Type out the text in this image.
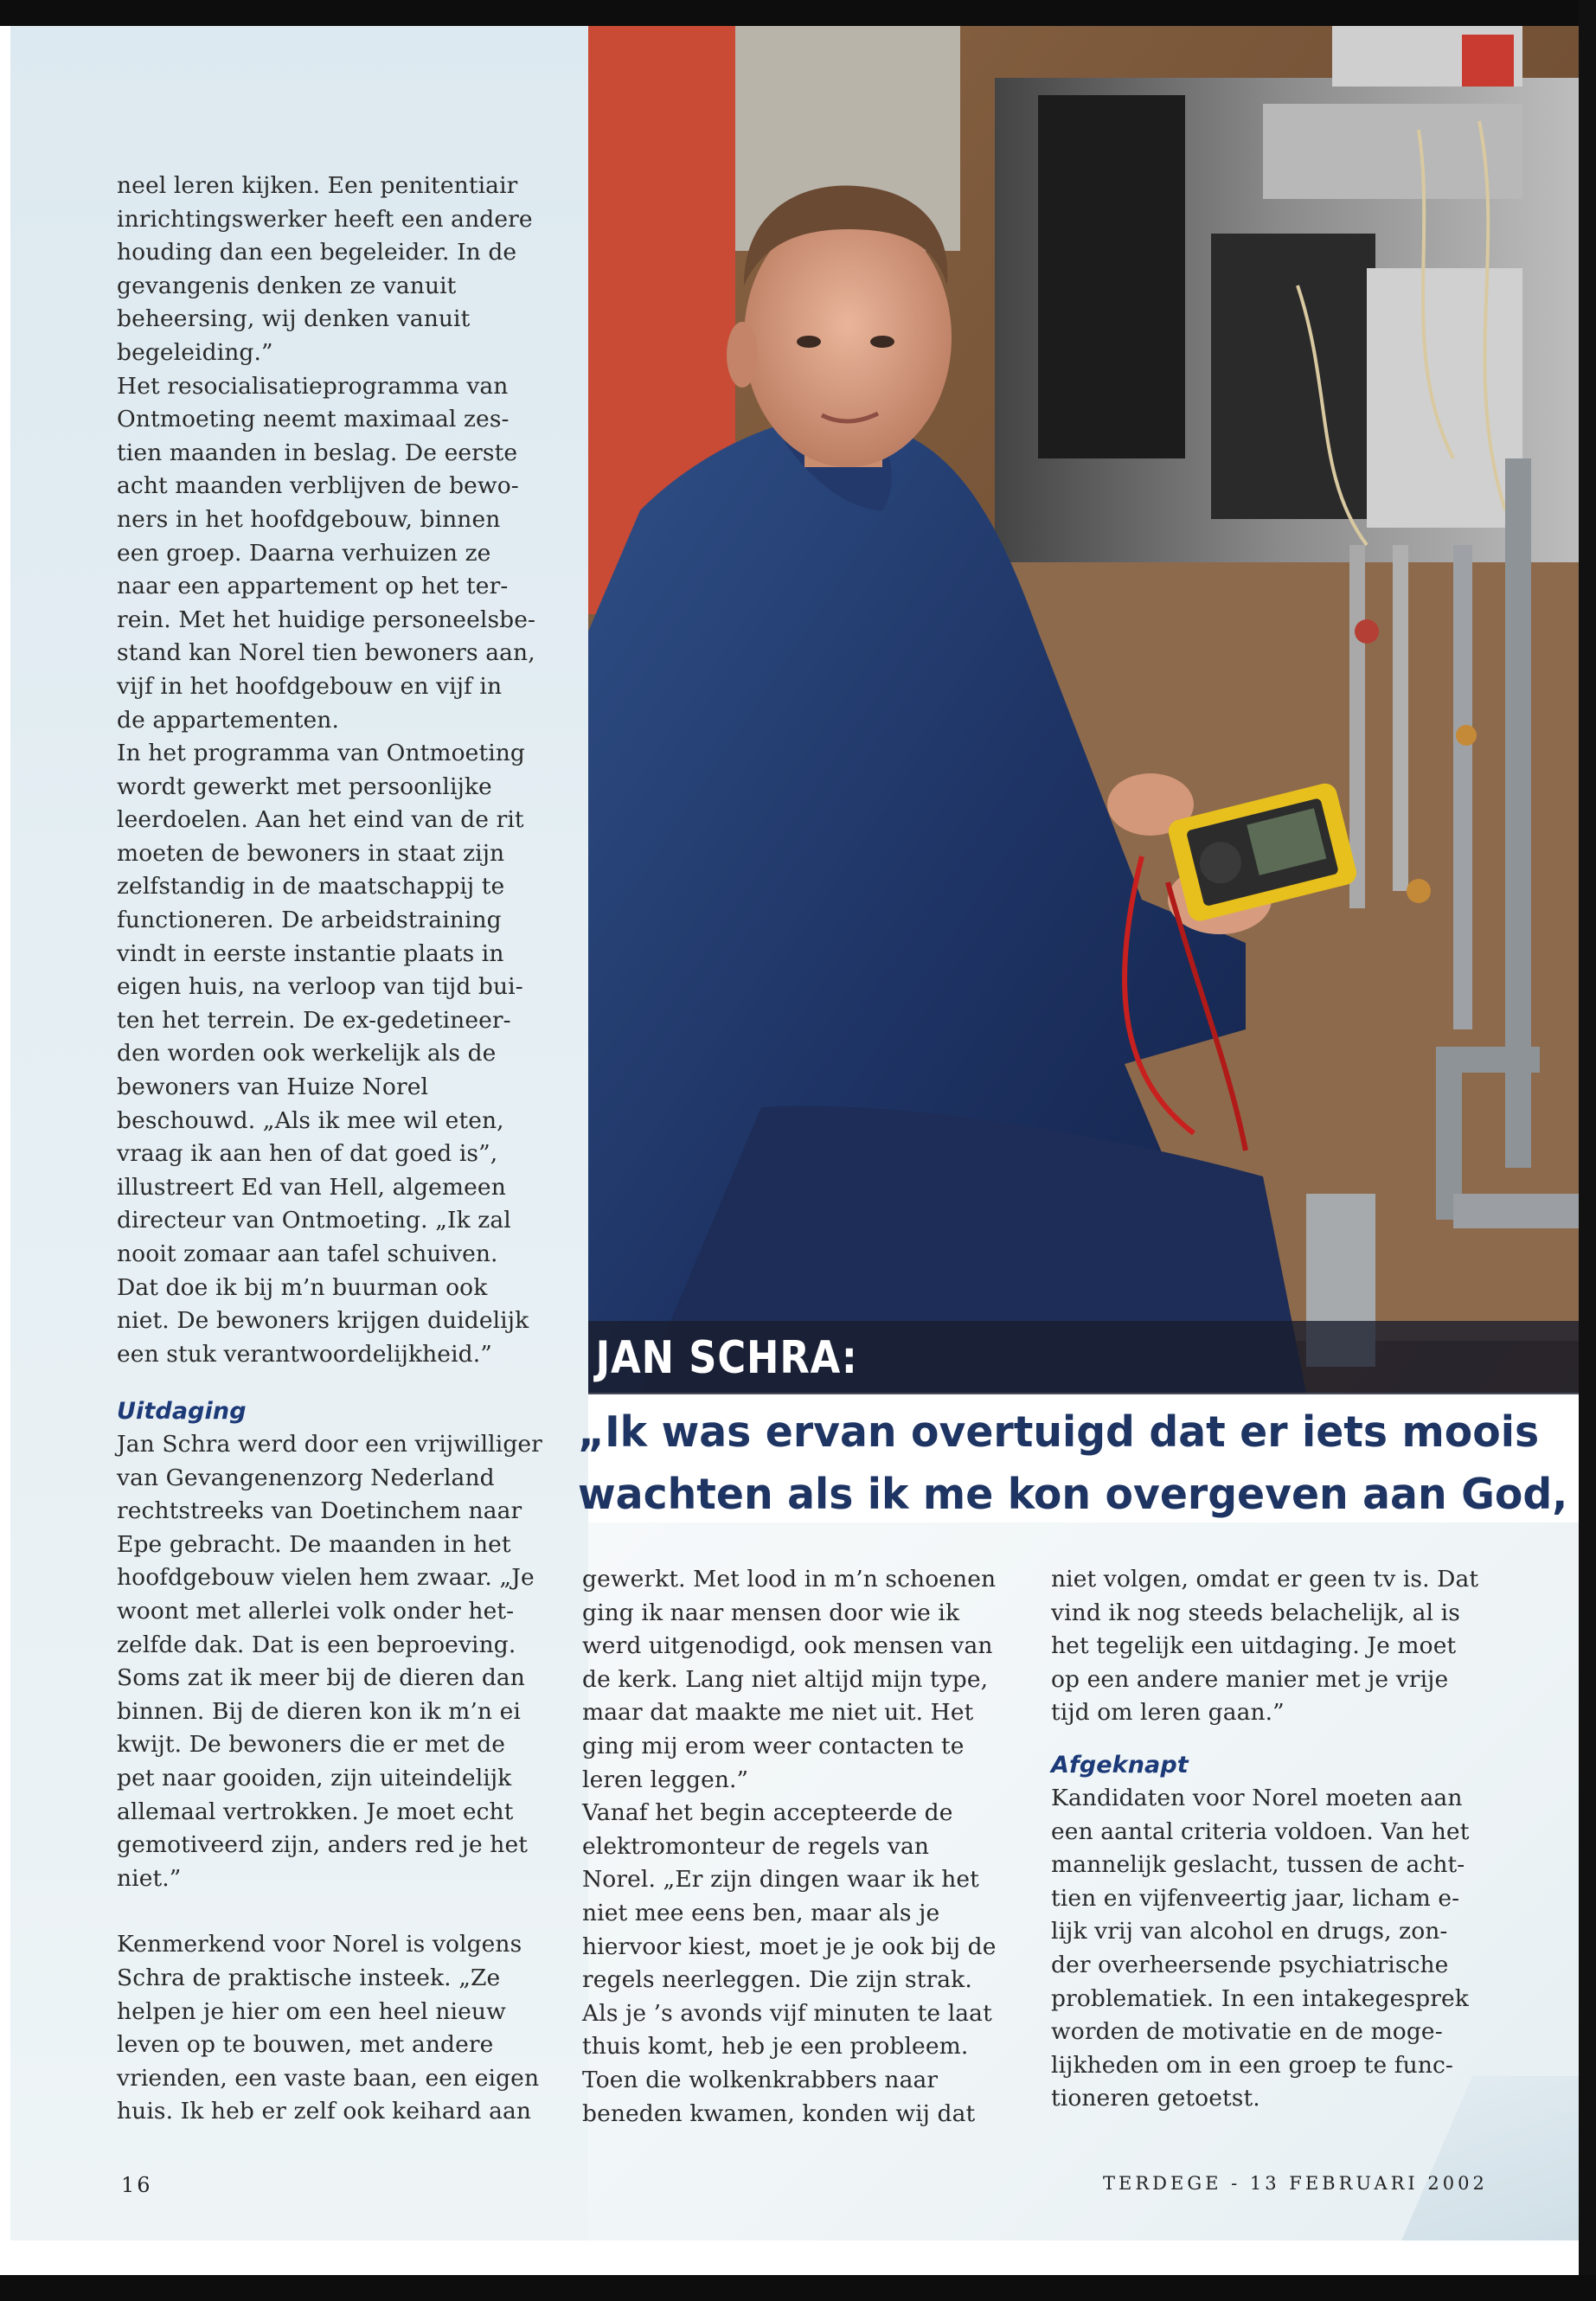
JAN SCHRA:
„Ik was ervan overtuigd dat er iets moois
wachten als ik me kon overgeven aan God,

neel leren kijken. Een penitentiair

inrichtingswerker heeft een andere

houding dan een begeleider. In de

gevangenis denken ze vanuit

beheersing, wij denken vanuit

begeleiding.”

Het resocialisatieprogramma van

Ontmoeting neemt maximaal zes-

tien maanden in beslag. De eerste

acht maanden verblijven de bewo-

ners in het hoofdgebouw, binnen

een groep. Daarna verhuizen ze

naar een appartement op het ter-

rein. Met het huidige personeelsbe-

stand kan Norel tien bewoners aan,

vijf in het hoofdgebouw en vijf in

de appartementen.

In het programma van Ontmoeting

wordt gewerkt met persoonlijke

leerdoelen. Aan het eind van de rit

moeten de bewoners in staat zijn

zelfstandig in de maatschappij te

functioneren. De arbeidstraining

vindt in eerste instantie plaats in

eigen huis, na verloop van tijd bui-

ten het terrein. De ex-gedetineer-

den worden ook werkelijk als de

bewoners van Huize Norel

beschouwd. „Als ik mee wil eten,

vraag ik aan hen of dat goed is”,

illustreert Ed van Hell, algemeen

directeur van Ontmoeting. „Ik zal

nooit zomaar aan tafel schuiven.

Dat doe ik bij m’n buurman ook

niet. De bewoners krijgen duidelijk

een stuk verantwoordelijkheid.”

Uitdaging

Jan Schra werd door een vrijwilliger

van Gevangenenzorg Nederland

rechtstreeks van Doetinchem naar

Epe gebracht. De maanden in het

hoofdgebouw vielen hem zwaar. „Je

woont met allerlei volk onder het-

zelfde dak. Dat is een beproeving.

Soms zat ik meer bij de dieren dan

binnen. Bij de dieren kon ik m’n ei

kwijt. De bewoners die er met de

pet naar gooiden, zijn uiteindelijk

allemaal vertrokken. Je moet echt

gemotiveerd zijn, anders red je het

niet.”

Kenmerkend voor Norel is volgens

Schra de praktische insteek. „Ze

helpen je hier om een heel nieuw

leven op te bouwen, met andere

vrienden, een vaste baan, een eigen

huis. Ik heb er zelf ook keihard aan

gewerkt. Met lood in m’n schoenen

ging ik naar mensen door wie ik

werd uitgenodigd, ook mensen van

de kerk. Lang niet altijd mijn type,

maar dat maakte me niet uit. Het

ging mij erom weer contacten te

leren leggen.”

Vanaf het begin accepteerde de

elektromonteur de regels van

Norel. „Er zijn dingen waar ik het

niet mee eens ben, maar als je

hiervoor kiest, moet je je ook bij de

regels neerleggen. Die zijn strak.

Als je ’s avonds vijf minuten te laat

thuis komt, heb je een probleem.

Toen die wolkenkrabbers naar

beneden kwamen, konden wij dat

niet volgen, omdat er geen tv is. Dat

vind ik nog steeds belachelijk, al is

het tegelijk een uitdaging. Je moet

op een andere manier met je vrije

tijd om leren gaan.”

Afgeknapt

Kandidaten voor Norel moeten aan

een aantal criteria voldoen. Van het

mannelijk geslacht, tussen de acht-

tien en vijfenveertig jaar, licham e-

lijk vrij van alcohol en drugs, zon-

der overheersende psychiatrische

problematiek. In een intakegesprek

worden de motivatie en de moge-

lijkheden om in een groep te func-

tioneren getoetst.

16	TERDEGE - 13 FEBRUARI 2002
